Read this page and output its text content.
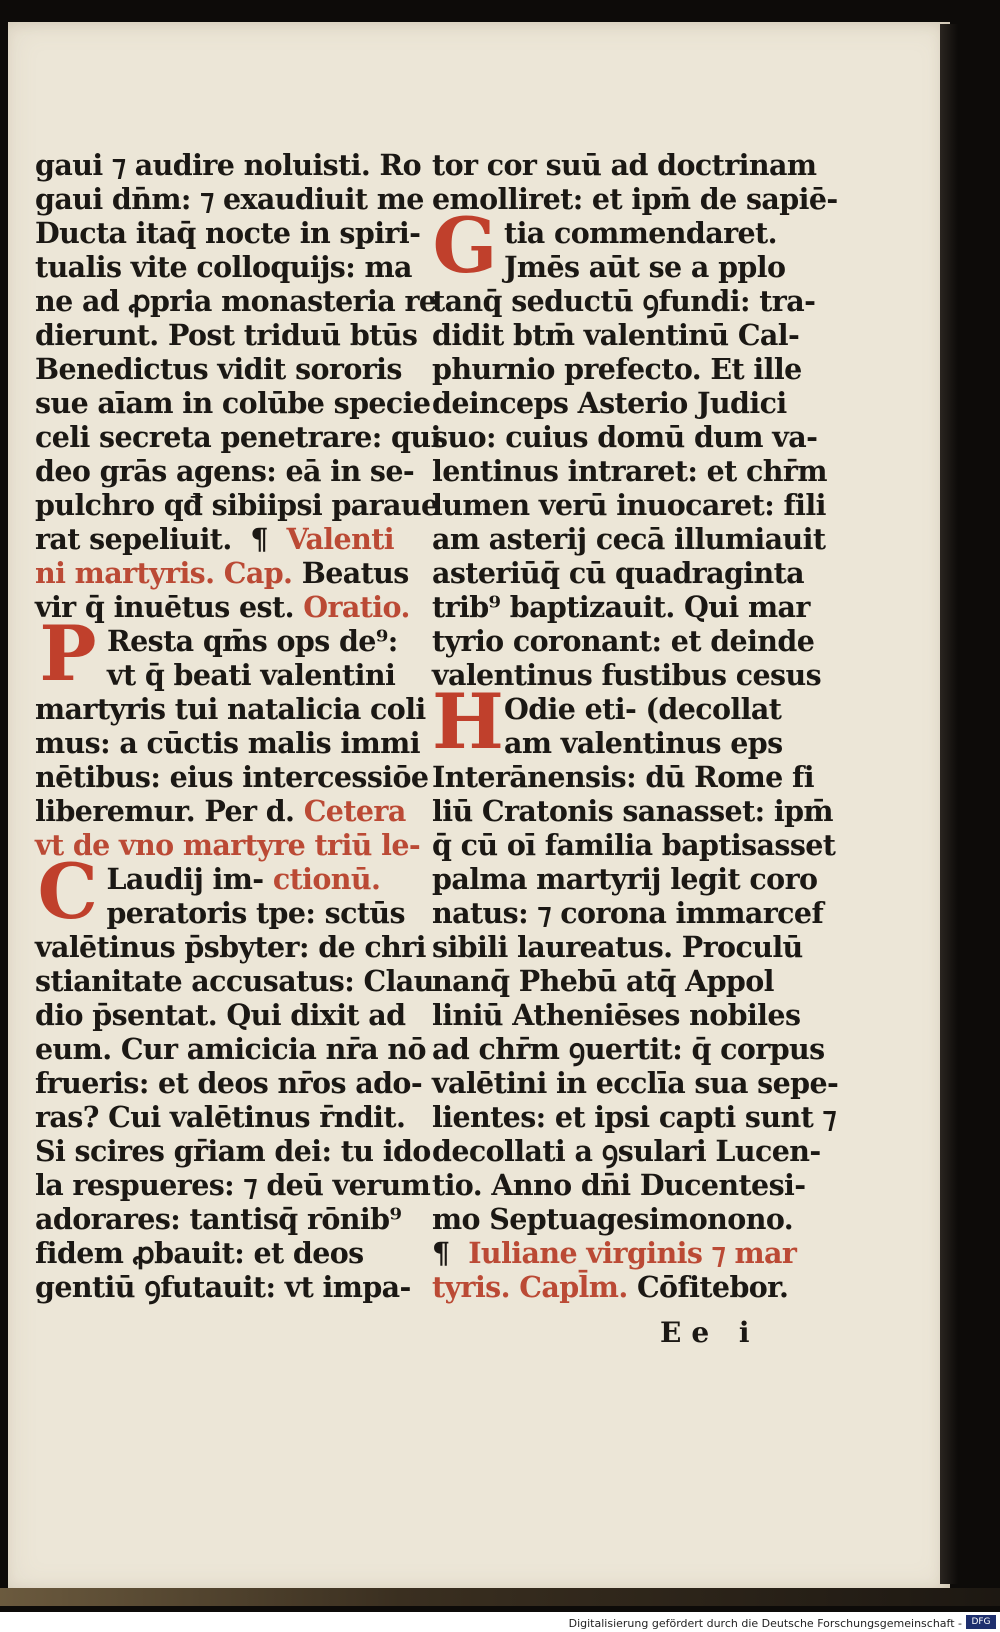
gaui ⁊ audire noluisti. Ro
gaui dn̄m: ⁊ exaudiuit me
Ducta itaq̄ nocte in spiri-
tualis vite colloquijs: ma
ne ad ꝓpria monasteria re
dierunt. Post triduū btūs
Benedictus vidit sororis
sue aīam in colūbe specie
celi secreta penetrare: qui
deo grās agens: eā in se-
pulchro qđ sibiipsi paraue
rat sepeliuit.  ¶  Valenti
ni martyris. Cap. Beatus
vir q̄ inuētus est. Oratio.
P Resta qm̄s ops de⁹:
vt q̄ beati valentini
martyris tui natalicia coli
mus: a cūctis malis immi
nētibus: eius intercessiōe
liberemur. Per d. Cetera
vt de vno martyre triū le-
C Laudij im- ctionū.
peratoris tpe: sctūs
valētinus p̄sbyter: de chri
stianitate accusatus: Clau
dio p̄sentat. Qui dixit ad
eum. Cur amicicia nr̄a nō
frueris: et deos nr̄os ado-
ras? Cui valētinus r̄ndit.
Si scires gr̄iam dei: tu ido
la respueres: ⁊ deū verum
adorares: tantisq̄ rōnib⁹
fidem ꝓbauit: et deos
gentiū ꝯfutauit: vt impa-
tor cor suū ad doctrinam
emolliret: et ipm̄ de sapiē-
G tia commendaret.
Jmēs aūt se a pplo
tanq̄ seductū ꝯfundi: tra-
didit btm̄ valentinū Cal-
phurnio prefecto. Et ille
deinceps Asterio Judici
suo: cuius domū dum va-
lentinus intraret: et chr̄m
lumen verū inuocaret: fili
am asterij cecā illumiauit
asteriūq̄ cū quadraginta
trib⁹ baptizauit. Qui mar
tyrio coronant: et deinde
valentinus fustibus cesus
H Odie eti- (decollat
am valentinus eps
Interānensis: dū Rome fi
liū Cratonis sanasset: ipm̄
q̄ cū oī familia baptisasset
palma martyrij legit coro
natus: ⁊ corona immarcef
sibili laureatus. Proculū
nanq̄ Phebū atq̄ Appol
liniū Atheniēses nobiles
ad chr̄m ꝯuertit: q̄ corpus
valētini in ecclīa sua sepe-
lientes: et ipsi capti sunt ⁊
decollati a ꝯsulari Lucen-
tio. Anno dn̄i Ducentesi-
mo Septuagesimonono.
¶  Iuliane virginis ⁊ mar
tyris. Capl̄m. Cōfitebor.
Ee i
Digitalisierung gefördert durch die Deutsche Forschungsgemeinschaft -	DFG
